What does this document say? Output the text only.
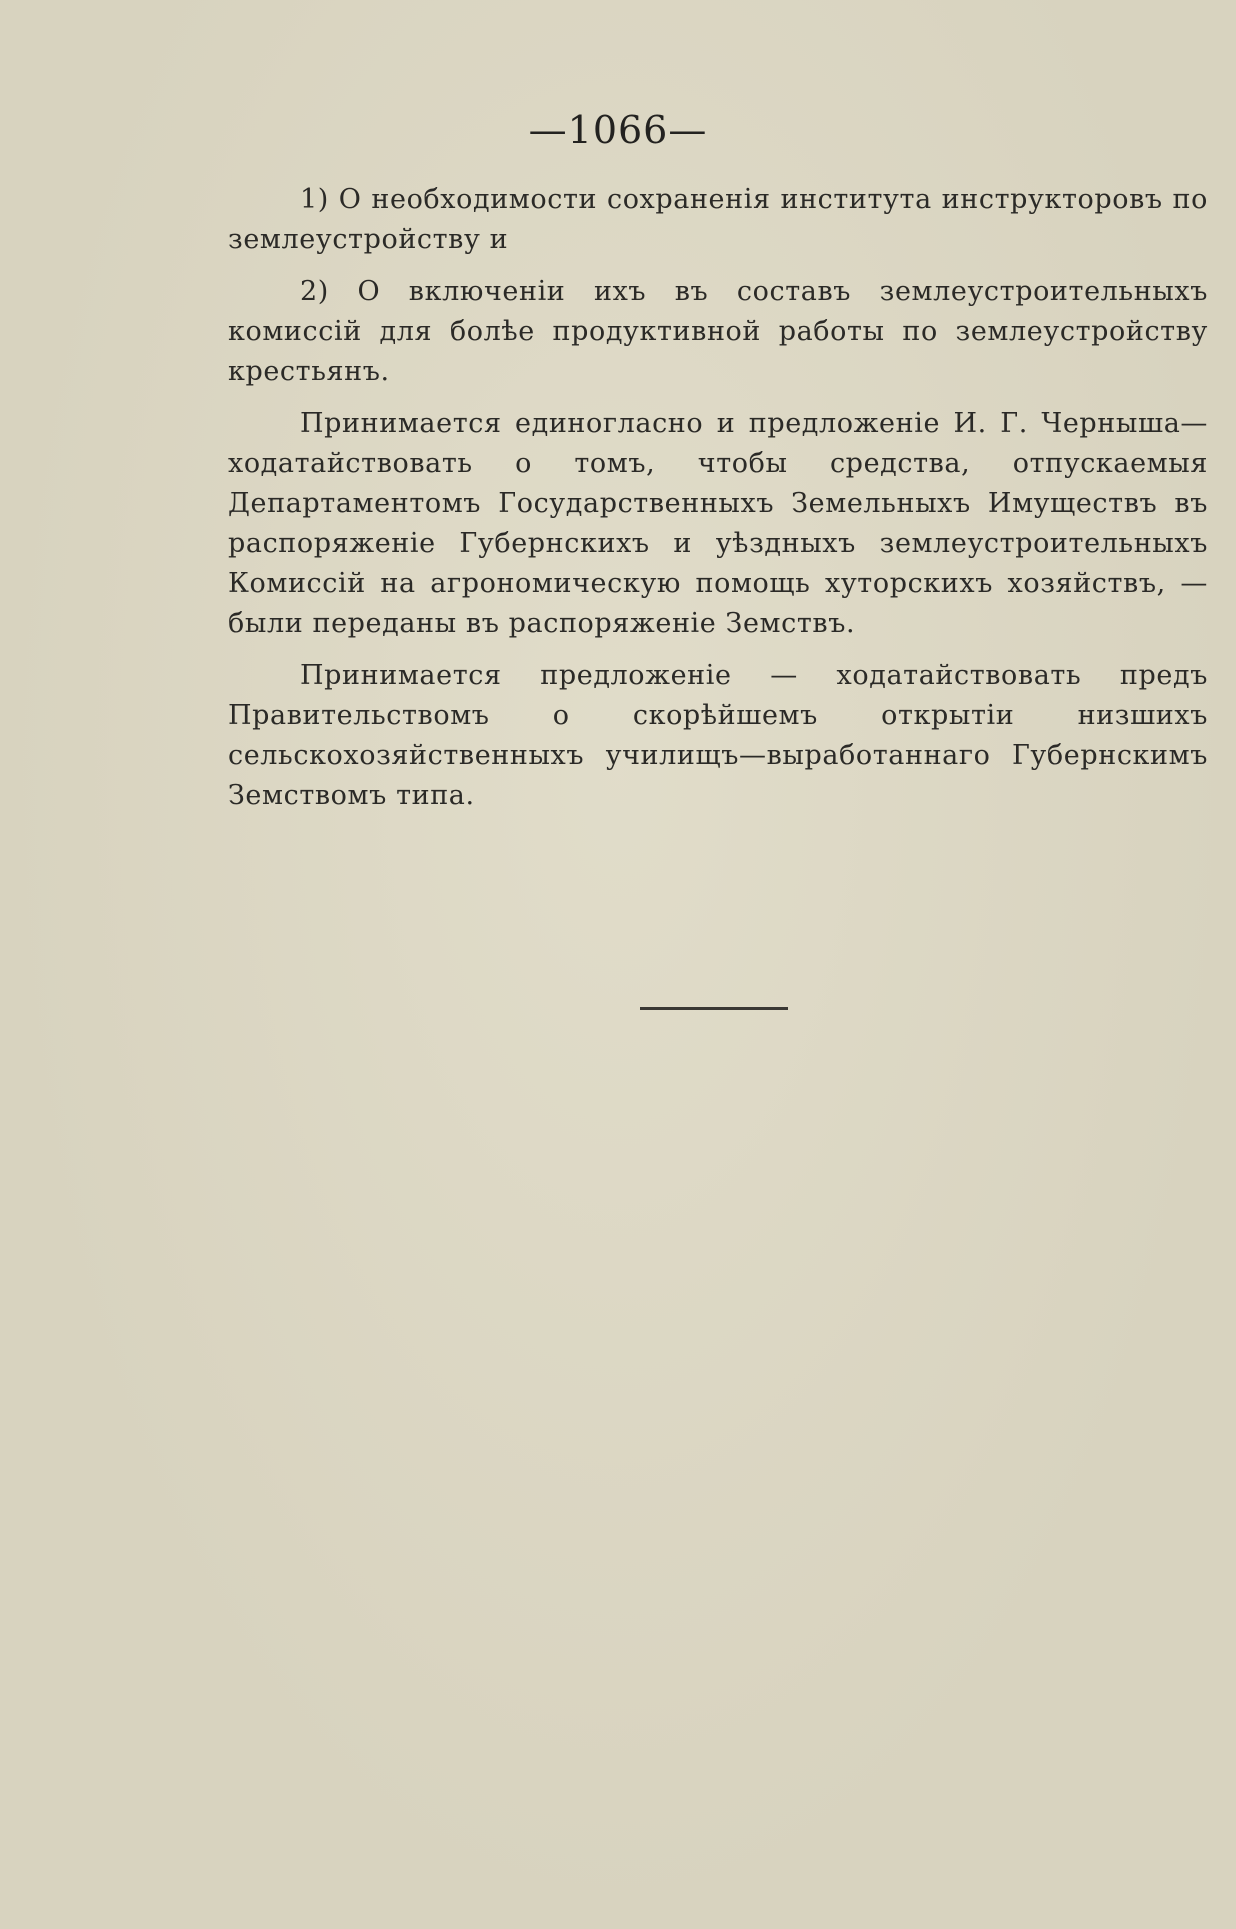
—1066—

1) О необходимости сохраненія института инструкторовъ по землеустройству и

2) О включеніи ихъ въ составъ землеустроительныхъ комиссій для болѣе продуктивной работы по землеустройству крестьянъ.

Принимается единогласно и предложеніе И. Г. Черныша— ходатайствовать о томъ, чтобы средства, отпускаемыя Департаментомъ Государственныхъ Земельныхъ Имуществъ въ распоряженіе Губернскихъ и уѣздныхъ землеустроительныхъ Комиссій на агрономическую помощь хуторскихъ хозяйствъ, — были переданы въ распоряженіе Земствъ.

Принимается предложеніе — ходатайствовать предъ Правительствомъ о скорѣйшемъ открытіи низшихъ сельскохозяйственныхъ училищъ—выработаннаго Губернскимъ Земствомъ типа.
